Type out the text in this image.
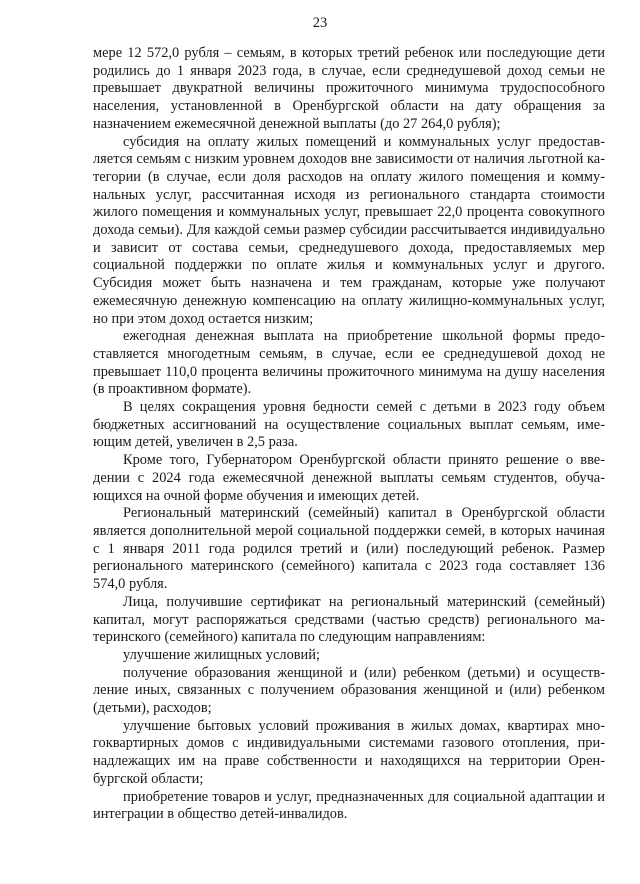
23

мере 12 572,0 рубля – семьям, в которых третий ребенок или последующие дети родились до 1 января 2023 года, в случае, если среднедушевой доход семьи не превышает двукратной величины прожиточного минимума трудоспособного населения, установленной в Оренбургской области на дату обращения за назначением ежемесячной денежной выплаты (до 27 264,0 рубля);

субсидия на оплату жилых помещений и коммунальных услуг предоставляется семьям с низким уровнем доходов вне зависимости от наличия льготной категории (в случае, если доля расходов на оплату жилого помещения и коммунальных услуг, рассчитанная исходя из регионального стандарта стоимости жилого помещения и коммунальных услуг, превышает 22,0 процента совокупного дохода семьи). Для каждой семьи размер субсидии рассчитывается индивидуально и зависит от состава семьи, среднедушевого дохода, предоставляемых мер социальной поддержки по оплате жилья и коммунальных услуг и другого. Субсидия может быть назначена и тем гражданам, которые уже получают ежемесячную денежную компенсацию на оплату жилищно-коммунальных услуг, но при этом доход остается низким;

ежегодная денежная выплата на приобретение школьной формы предоставляется многодетным семьям, в случае, если ее среднедушевой доход не превышает 110,0 процента величины прожиточного минимума на душу населения (в проактивном формате).

В целях сокращения уровня бедности семей с детьми в 2023 году объем бюджетных ассигнований на осуществление социальных выплат семьям, имеющим детей, увеличен в 2,5 раза.

Кроме того, Губернатором Оренбургской области принято решение о введении с 2024 года ежемесячной денежной выплаты семьям студентов, обучающихся на очной форме обучения и имеющих детей.

Региональный материнский (семейный) капитал в Оренбургской области является дополнительной мерой социальной поддержки семей, в которых начиная с 1 января 2011 года родился третий и (или) последующий ребенок. Размер регионального материнского (семейного) капитала с 2023 года составляет 136 574,0 рубля.

Лица, получившие сертификат на региональный материнский (семейный) капитал, могут распоряжаться средствами (частью средств) регионального материнского (семейного) капитала по следующим направлениям:

улучшение жилищных условий;

получение образования женщиной и (или) ребенком (детьми) и осуществление иных, связанных с получением образования женщиной и (или) ребенком (детьми), расходов;

улучшение бытовых условий проживания в жилых домах, квартирах многоквартирных домов с индивидуальными системами газового отопления, принадлежащих им на праве собственности и находящихся на территории Оренбургской области;

приобретение товаров и услуг, предназначенных для социальной адаптации и интеграции в общество детей-инвалидов.
